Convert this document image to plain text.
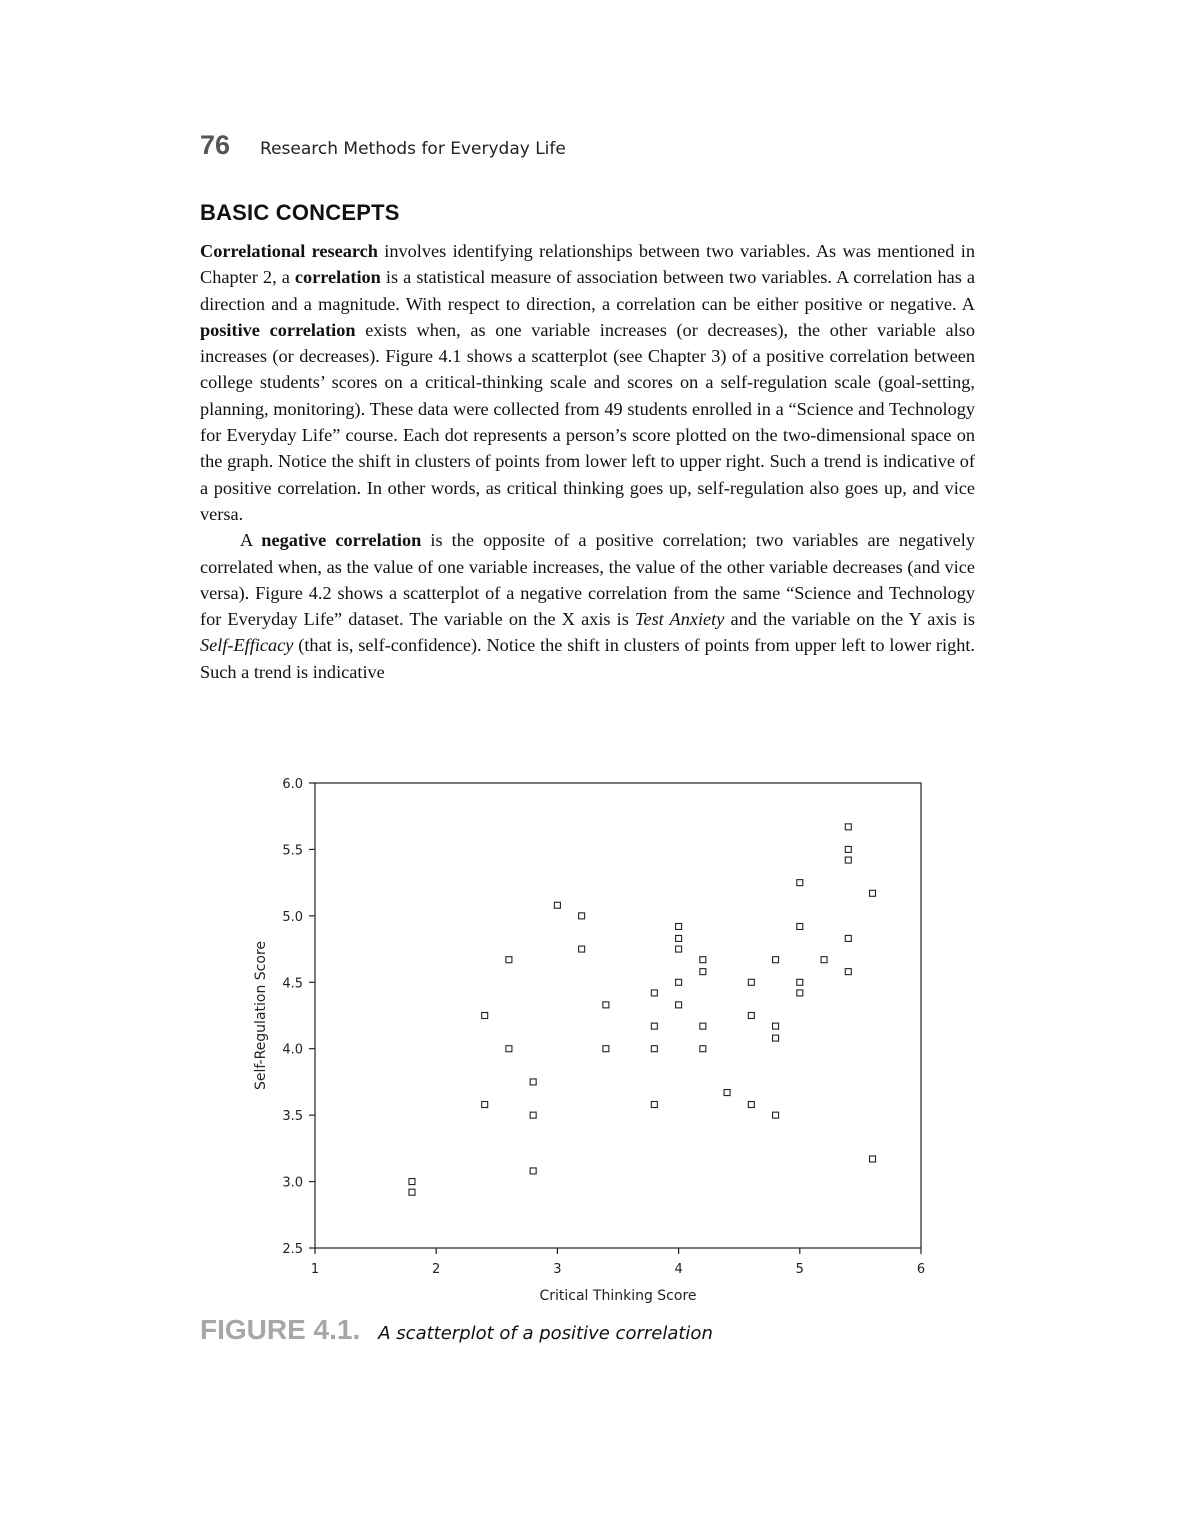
76 Research Methods for Everyday Life
BASIC CONCEPTS

Correlational research involves identifying relationships between two variables. As was mentioned in Chapter 2, a correlation is a statistical measure of association between two variables. A correlation has a direction and a magnitude. With respect to direction, a correlation can be either positive or negative. A positive correlation exists when, as one variable increases (or decreases), the other variable also increases (or decreases). Figure 4.1 shows a scatterplot (see Chapter 3) of a positive correlation between college students’ scores on a critical-thinking scale and scores on a self-regulation scale (goal-setting, planning, monitoring). These data were collected from 49 students enrolled in a “Science and Technology for Everyday Life” course. Each dot represents a person’s score plotted on the two-dimensional space on the graph. Notice the shift in clusters of points from lower left to upper right. Such a trend is indicative of a positive correlation. In other words, as critical thinking goes up, self-regulation also goes up, and vice versa.

A negative correlation is the opposite of a positive correlation; two variables are negatively correlated when, as the value of one variable increases, the value of the other variable decreases (and vice versa). Figure 4.2 shows a scatterplot of a negative correlation from the same “Science and Technology for Everyday Life” dataset. The variable on the X axis is Test Anxiety and the variable on the Y axis is Self-Efficacy (that is, self-confidence). Notice the shift in clusters of points from upper left to lower right. Such a trend is indicative

1	2	3	4	5	6
2.5
3.0
3.5
4.0
4.5
5.0
5.5
6.0
Critical Thinking Score
Self-Regulation Score
FIGURE 4.1. A scatterplot of a positive correlation
